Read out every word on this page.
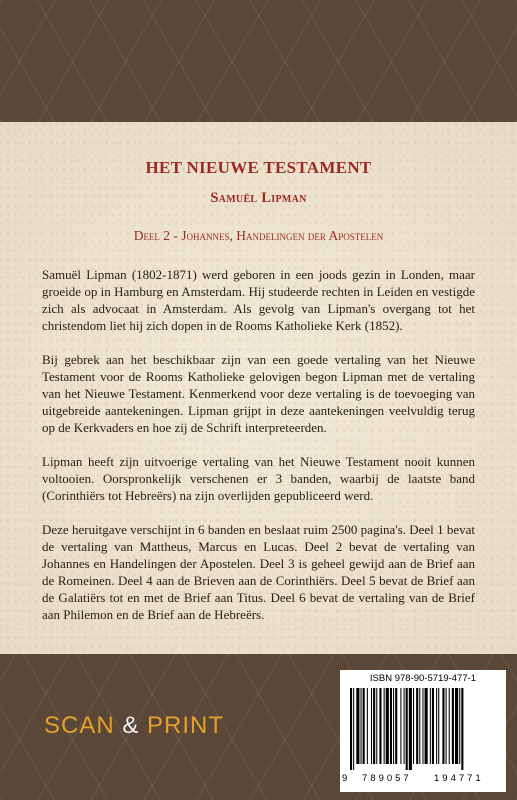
HET NIEUWE TESTAMENT
Samuël Lipman
Deel 2 - Johannes, Handelingen der Apostelen

Samuël Lipman (1802-1871) werd geboren in een joods gezin in Londen, maar groeide op in Hamburg en Amsterdam. Hij studeerde rechten in Leiden en vestigde zich als advocaat in Amsterdam. Als gevolg van Lipman's overgang tot het christendom liet hij zich dopen in de Rooms Katholieke Kerk (1852).

Bij gebrek aan het beschikbaar zijn van een goede vertaling van het Nieuwe Testament voor de Rooms Katholieke gelovigen begon Lipman met de vertaling van het Nieuwe Testament. Kenmerkend voor deze vertaling is de toevoeging van uitgebreide aantekeningen. Lipman grijpt in deze aantekeningen veelvuldig terug op de Kerkvaders en hoe zij de Schrift interpreteerden.

Lipman heeft zijn uitvoerige vertaling van het Nieuwe Testament nooit kunnen voltooien. Oorspronkelijk verschenen er 3 banden, waarbij de laatste band (Corinthiërs tot Hebreërs) na zijn overlijden gepubliceerd werd.

Deze heruitgave verschijnt in 6 banden en beslaat ruim 2500 pagina's. Deel 1 bevat de vertaling van Mattheus, Marcus en Lucas. Deel 2 bevat de vertaling van Johannes en Handelingen der Apostelen. Deel 3 is geheel gewijd aan de Brief aan de Romeinen. Deel 4 aan de Brieven aan de Corinthiërs. Deel 5 bevat de Brief aan de Galatiërs tot en met de Brief aan Titus. Deel 6 bevat de vertaling van de Brief aan Philemon en de Brief aan de Hebreërs.

SCAN & PRINT
ISBN 978-90-5719-477-1
9 789057 194771
